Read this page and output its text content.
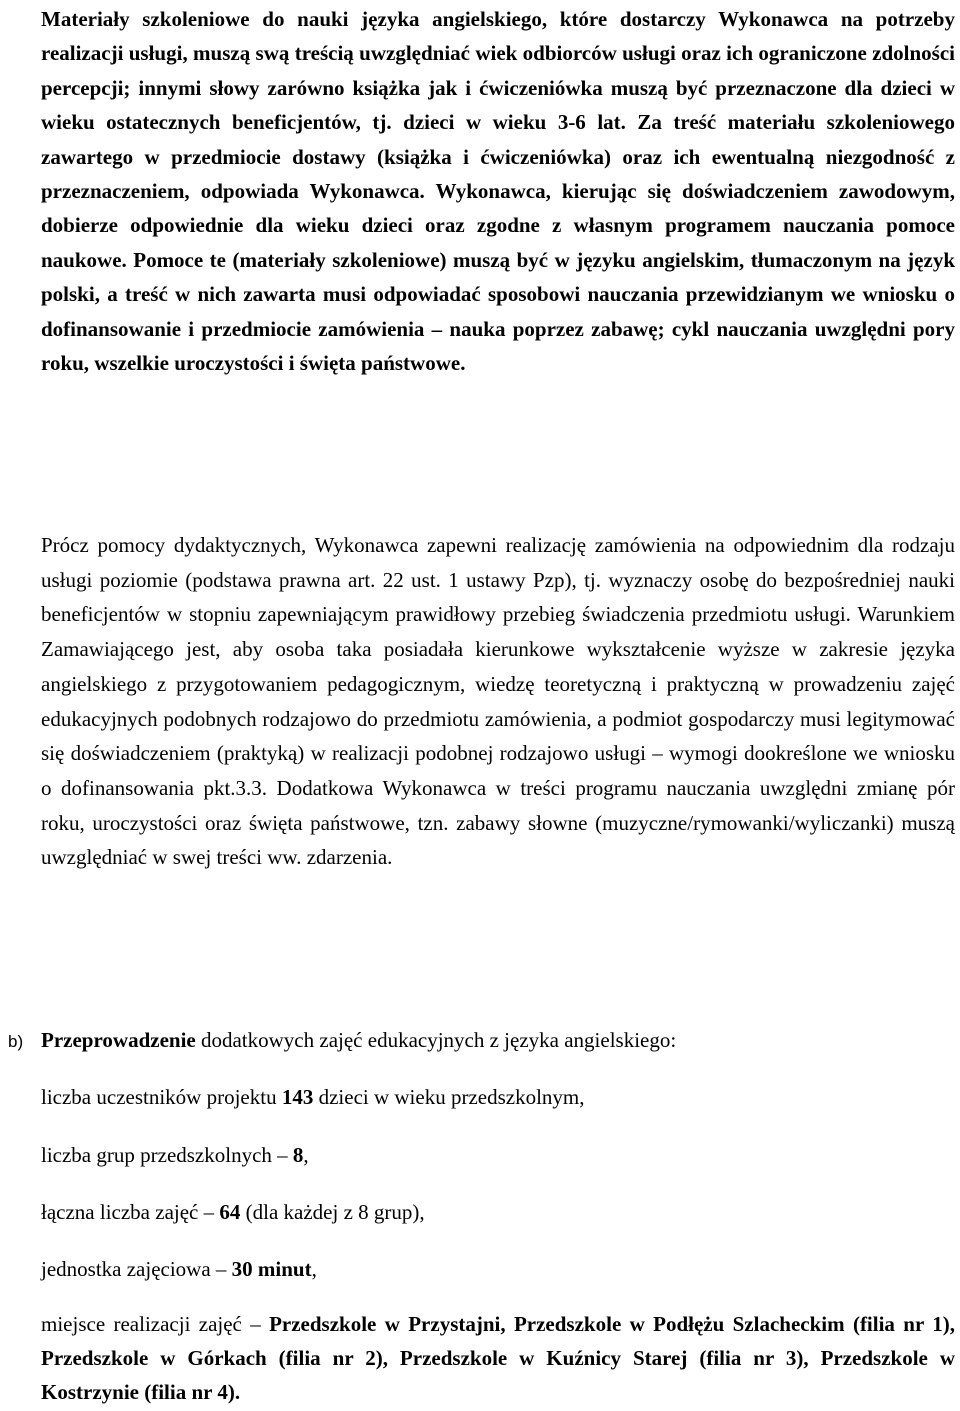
Materiały szkoleniowe do nauki języka angielskiego, które dostarczy Wykonawca na potrzeby realizacji usługi, muszą swą treścią uwzględniać wiek odbiorców usługi oraz ich ograniczone zdolności percepcji; innymi słowy zarówno książka jak i ćwiczeniówka muszą być przeznaczone dla dzieci w wieku ostatecznych beneficjentów, tj. dzieci w wieku 3-6 lat. Za treść materiału szkoleniowego zawartego w przedmiocie dostawy (książka i ćwiczeniówka) oraz ich ewentualną niezgodność z przeznaczeniem, odpowiada Wykonawca. Wykonawca, kierując się doświadczeniem zawodowym, dobierze odpowiednie dla wieku dzieci oraz zgodne z własnym programem nauczania pomoce naukowe. Pomoce te (materiały szkoleniowe) muszą być w języku angielskim, tłumaczonym na język polski, a treść w nich zawarta musi odpowiadać sposobowi nauczania przewidzianym we wniosku o dofinansowanie i przedmiocie zamówienia – nauka poprzez zabawę; cykl nauczania uwzględni pory roku, wszelkie uroczystości i święta państwowe.

Prócz pomocy dydaktycznych, Wykonawca zapewni realizację zamówienia na odpowiednim dla rodzaju usługi poziomie (podstawa prawna art. 22 ust. 1 ustawy Pzp), tj. wyznaczy osobę do bezpośredniej nauki beneficjentów w stopniu zapewniającym prawidłowy przebieg świadczenia przedmiotu usługi. Warunkiem Zamawiającego jest, aby osoba taka posiadała kierunkowe wykształcenie wyższe w zakresie języka angielskiego z przygotowaniem pedagogicznym, wiedzę teoretyczną i praktyczną w prowadzeniu zajęć edukacyjnych podobnych rodzajowo do przedmiotu zamówienia, a podmiot gospodarczy musi legitymować się doświadczeniem (praktyką) w realizacji podobnej rodzajowo usługi – wymogi dookreślone we wniosku o dofinansowania pkt.3.3. Dodatkowa Wykonawca w treści programu nauczania uwzględni zmianę pór roku, uroczystości oraz święta państwowe, tzn. zabawy słowne (muzyczne/rymowanki/wyliczanki) muszą uwzględniać w swej treści ww. zdarzenia.

b) Przeprowadzenie dodatkowych zajęć edukacyjnych z języka angielskiego:
liczba uczestników projektu 143 dzieci w wieku przedszkolnym,
liczba grup przedszkolnych – 8,
łączna liczba zajęć – 64 (dla każdej z 8 grup),
jednostka zajęciowa – 30 minut,
miejsce realizacji zajęć – Przedszkole w Przystajni, Przedszkole w Podłężu Szlacheckim (filia nr 1), Przedszkole w Górkach (filia nr 2), Przedszkole w Kuźnicy Starej (filia nr 3), Przedszkole w Kostrzynie (filia nr 4).
